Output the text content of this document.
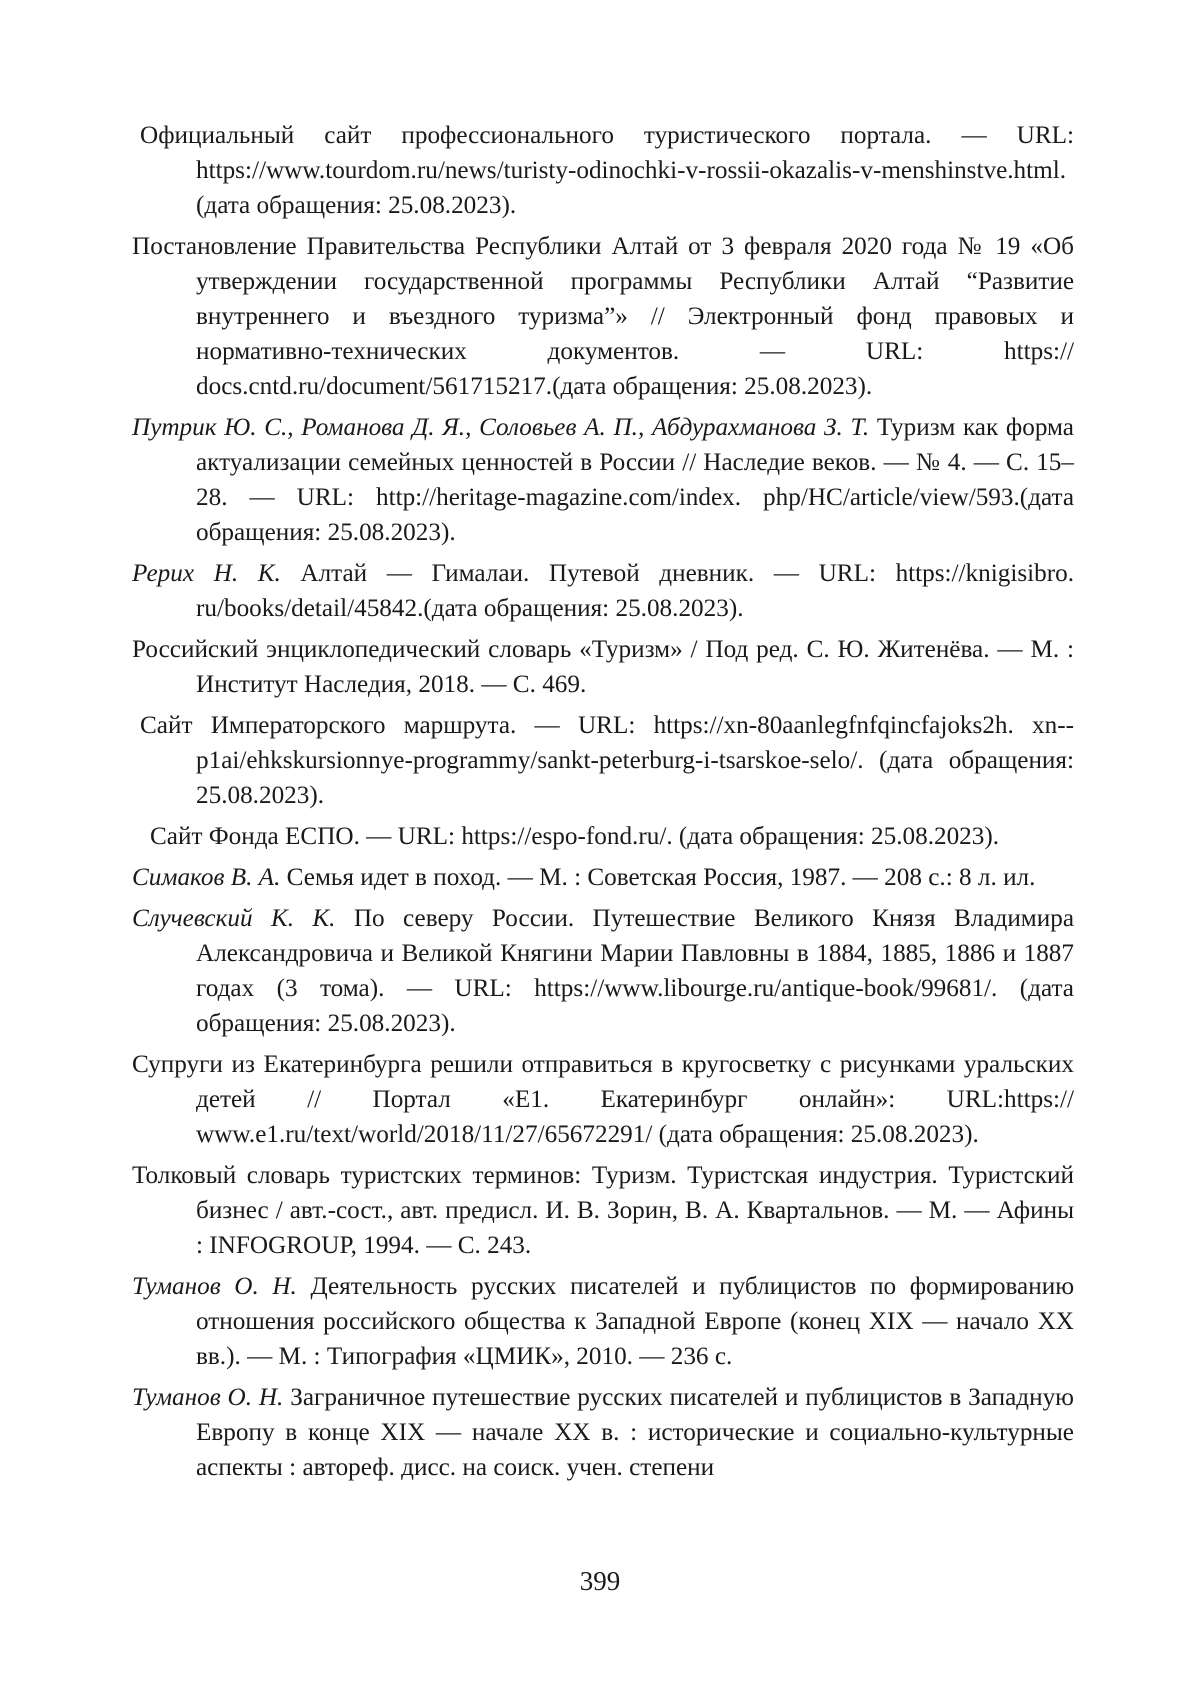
Официальный сайт профессионального туристического портала. — URL: https://www.tourdom.ru/news/turisty-odinochki-v-rossii-okazalis-v-menshinstve.html.(дата обращения: 25.08.2023).
Постановление Правительства Республики Алтай от 3 февраля 2020 года № 19 «Об утверждении государственной программы Республики Алтай “Развитие внутреннего и въездного туризма”» // Электронный фонд правовых и нормативно-технических документов. — URL: https:// docs.cntd.ru/document/561715217.(дата обращения: 25.08.2023).
Путрик Ю. С., Романова Д. Я., Соловьев А. П., Абдурахманова З. Т. Туризм как форма актуализации семейных ценностей в России // Наследие веков. — № 4. — С. 15–28. — URL: http://heritage-magazine.com/index. php/HC/article/view/593.(дата обращения: 25.08.2023).
Рерих Н. К. Алтай — Гималаи. Путевой дневник. — URL: https://knigisibro. ru/books/detail/45842.(дата обращения: 25.08.2023).
Российский энциклопедический словарь «Туризм» / Под ред. С. Ю. Житенёва. — М. : Институт Наследия, 2018. — С. 469.
Сайт Императорского маршрута. — URL: https://xn-80aanlegfnfqincfajoks2h. xn--p1ai/ehkskursionnye-programmy/sankt-peterburg-i-tsarskoe-selo/. (дата обращения: 25.08.2023).
Сайт Фонда ЕСПО. — URL: https://espo-fond.ru/. (дата обращения: 25.08.2023).
Симаков В. А. Семья идет в поход. — М. : Советская Россия, 1987. — 208 с.: 8 л. ил.
Случевский К. К. По северу России. Путешествие Великого Князя Владимира Александровича и Великой Княгини Марии Павловны в 1884, 1885, 1886 и 1887 годах (3 тома). — URL: https://www.libourge.ru/antique-book/99681/. (дата обращения: 25.08.2023).
Супруги из Екатеринбурга решили отправиться в кругосветку с рисунками уральских детей // Портал «Е1. Екатеринбург онлайн»: URL:https:// www.e1.ru/text/world/2018/11/27/65672291/ (дата обращения: 25.08.2023).
Толковый словарь туристских терминов: Туризм. Туристская индустрия. Туристский бизнес / авт.-сост., авт. предисл. И. В. Зорин, В. А. Квартальнов. — М. — Афины : INFOGROUP, 1994. — С. 243.
Туманов О. Н. Деятельность русских писателей и публицистов по формированию отношения российского общества к Западной Европе (конец XIX — начало XX вв.). — М. : Типография «ЦМИК», 2010. — 236 с.
Туманов О. Н. Заграничное путешествие русских писателей и публицистов в Западную Европу в конце XIX — начале XX в. : исторические и социально-культурные аспекты : автореф. дисс. на соиск. учен. степени
399
